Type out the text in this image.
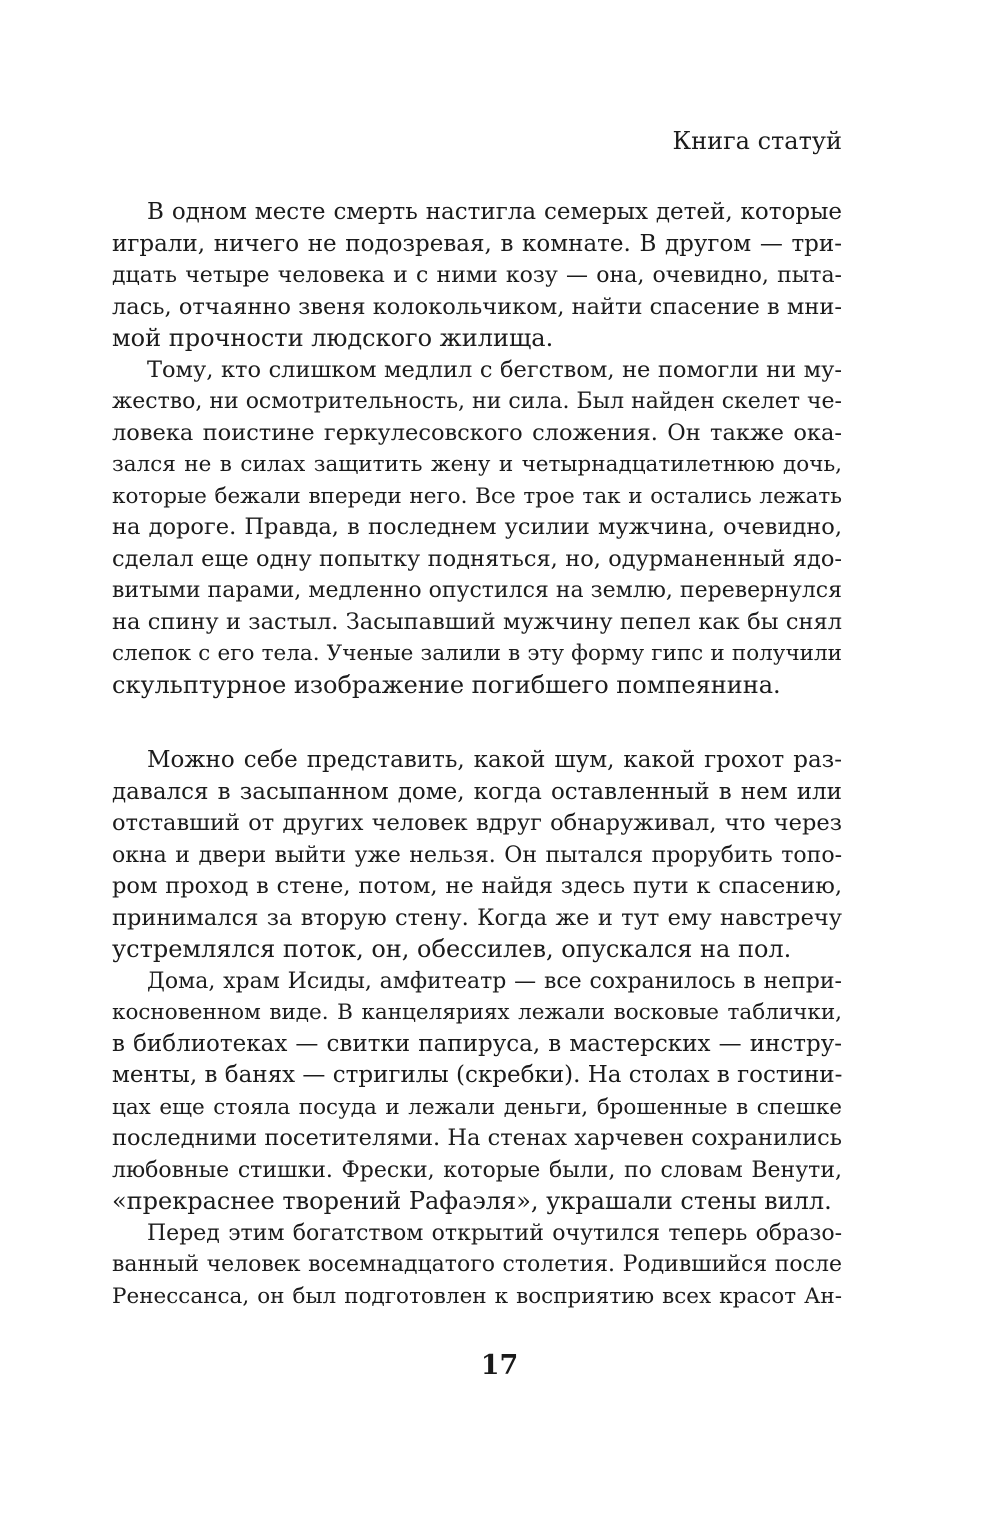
Книга статуй
В одном месте смерть настигла семерых детей, которые
играли, ничего не подозревая, в комнате. В другом — три-
дцать четыре человека и с ними козу — она, очевидно, пыта-
лась, отчаянно звеня колокольчиком, найти спасение в мни-
мой прочности людского жилища.
Тому, кто слишком медлил с бегством, не помогли ни му-
жество, ни осмотрительность, ни сила. Был найден скелет че-
ловека поистине геркулесовского сложения. Он также ока-
зался не в силах защитить жену и четырнадцатилетнюю дочь,
которые бежали впереди него. Все трое так и остались лежать
на дороге. Правда, в последнем усилии мужчина, очевидно,
сделал еще одну попытку подняться, но, одурманенный ядо-
витыми парами, медленно опустился на землю, перевернулся
на спину и застыл. Засыпавший мужчину пепел как бы снял
слепок с его тела. Ученые залили в эту форму гипс и получили
скульптурное изображение погибшего помпеянина.
Можно себе представить, какой шум, какой грохот раз-
давался в засыпанном доме, когда оставленный в нем или
отставший от других человек вдруг обнаруживал, что через
окна и двери выйти уже нельзя. Он пытался прорубить топо-
ром проход в стене, потом, не найдя здесь пути к спасению,
принимался за вторую стену. Когда же и тут ему навстречу
устремлялся поток, он, обессилев, опускался на пол.
Дома, храм Исиды, амфитеатр — все сохранилось в непри-
косновенном виде. В канцеляриях лежали восковые таблички,
в библиотеках — свитки папируса, в мастерских — инстру-
менты, в банях — стригилы (скребки). На столах в гостини-
цах еще стояла посуда и лежали деньги, брошенные в спешке
последними посетителями. На стенах харчевен сохранились
любовные стишки. Фрески, которые были, по словам Венути,
«прекраснее творений Рафаэля», украшали стены вилл.
Перед этим богатством открытий очутился теперь образо-
ванный человек восемнадцатого столетия. Родившийся после
Ренессанса, он был подготовлен к восприятию всех красот Ан-
17
